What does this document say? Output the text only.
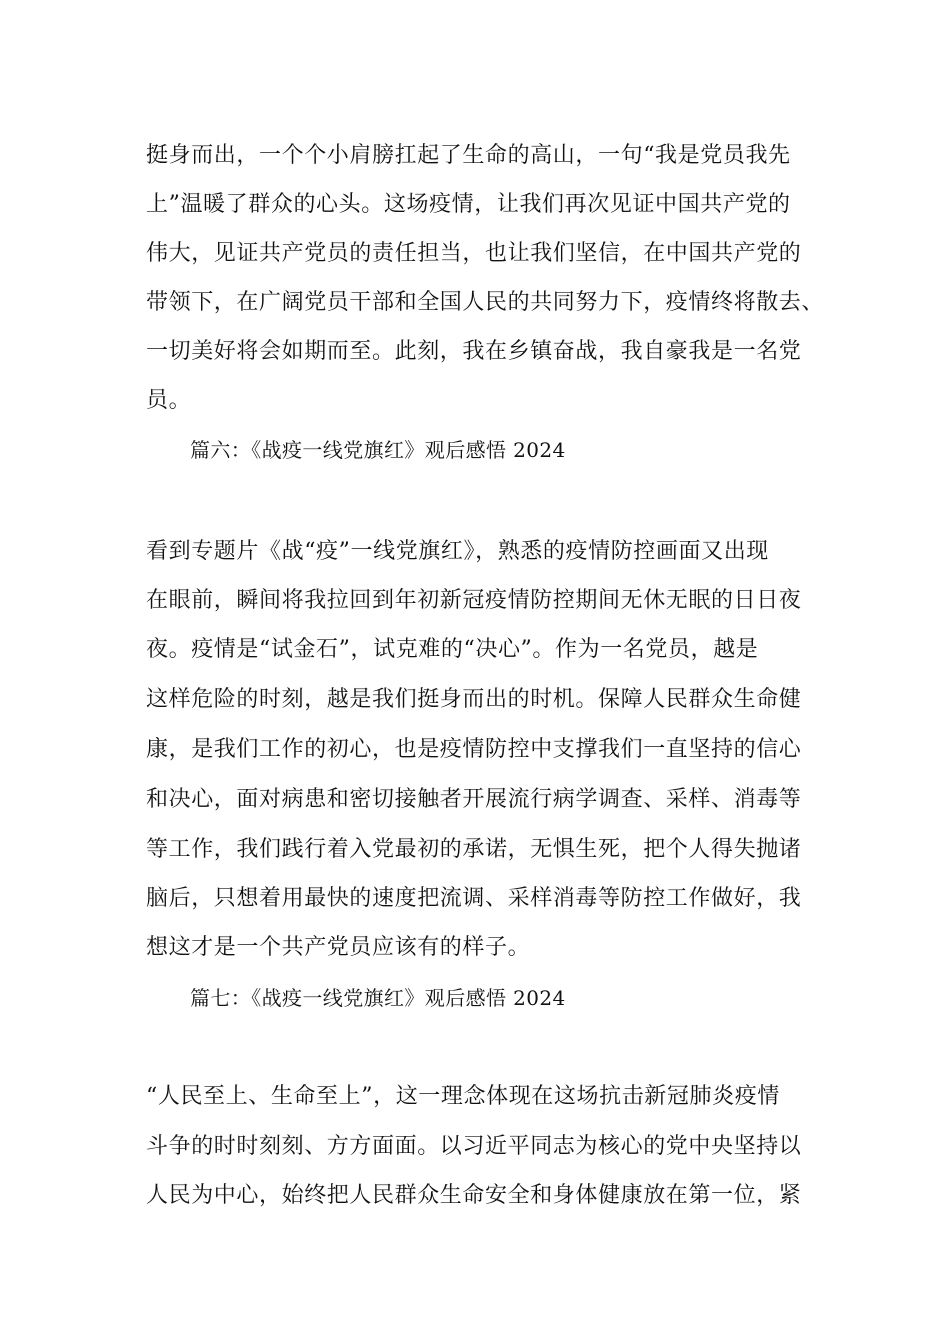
挺身而出，一个个小肩膀扛起了生命的高山，一句“我是党员我先
上”温暖了群众的心头。这场疫情，让我们再次见证中国共产党的
伟大，见证共产党员的责任担当，也让我们坚信，在中国共产党的
带领下，在广阔党员干部和全国人民的共同努力下，疫情终将散去、
一切美好将会如期而至。此刻，我在乡镇奋战，我自豪我是一名党
员。
篇六：《战疫一线党旗红》观后感悟 2024
看到专题片《战“疫”一线党旗红》，熟悉的疫情防控画面又出现
在眼前，瞬间将我拉回到年初新冠疫情防控期间无休无眠的日日夜
夜。疫情是“试金石”，试克难的“决心”。作为一名党员，越是
这样危险的时刻，越是我们挺身而出的时机。保障人民群众生命健
康，是我们工作的初心，也是疫情防控中支撑我们一直坚持的信心
和决心，面对病患和密切接触者开展流行病学调查、采样、消毒等
等工作，我们践行着入党最初的承诺，无惧生死，把个人得失抛诸
脑后，只想着用最快的速度把流调、采样消毒等防控工作做好，我
想这才是一个共产党员应该有的样子。
篇七：《战疫一线党旗红》观后感悟 2024
“人民至上、生命至上”，这一理念体现在这场抗击新冠肺炎疫情
斗争的时时刻刻、方方面面。以习近平同志为核心的党中央坚持以
人民为中心，始终把人民群众生命安全和身体健康放在第一位，紧
